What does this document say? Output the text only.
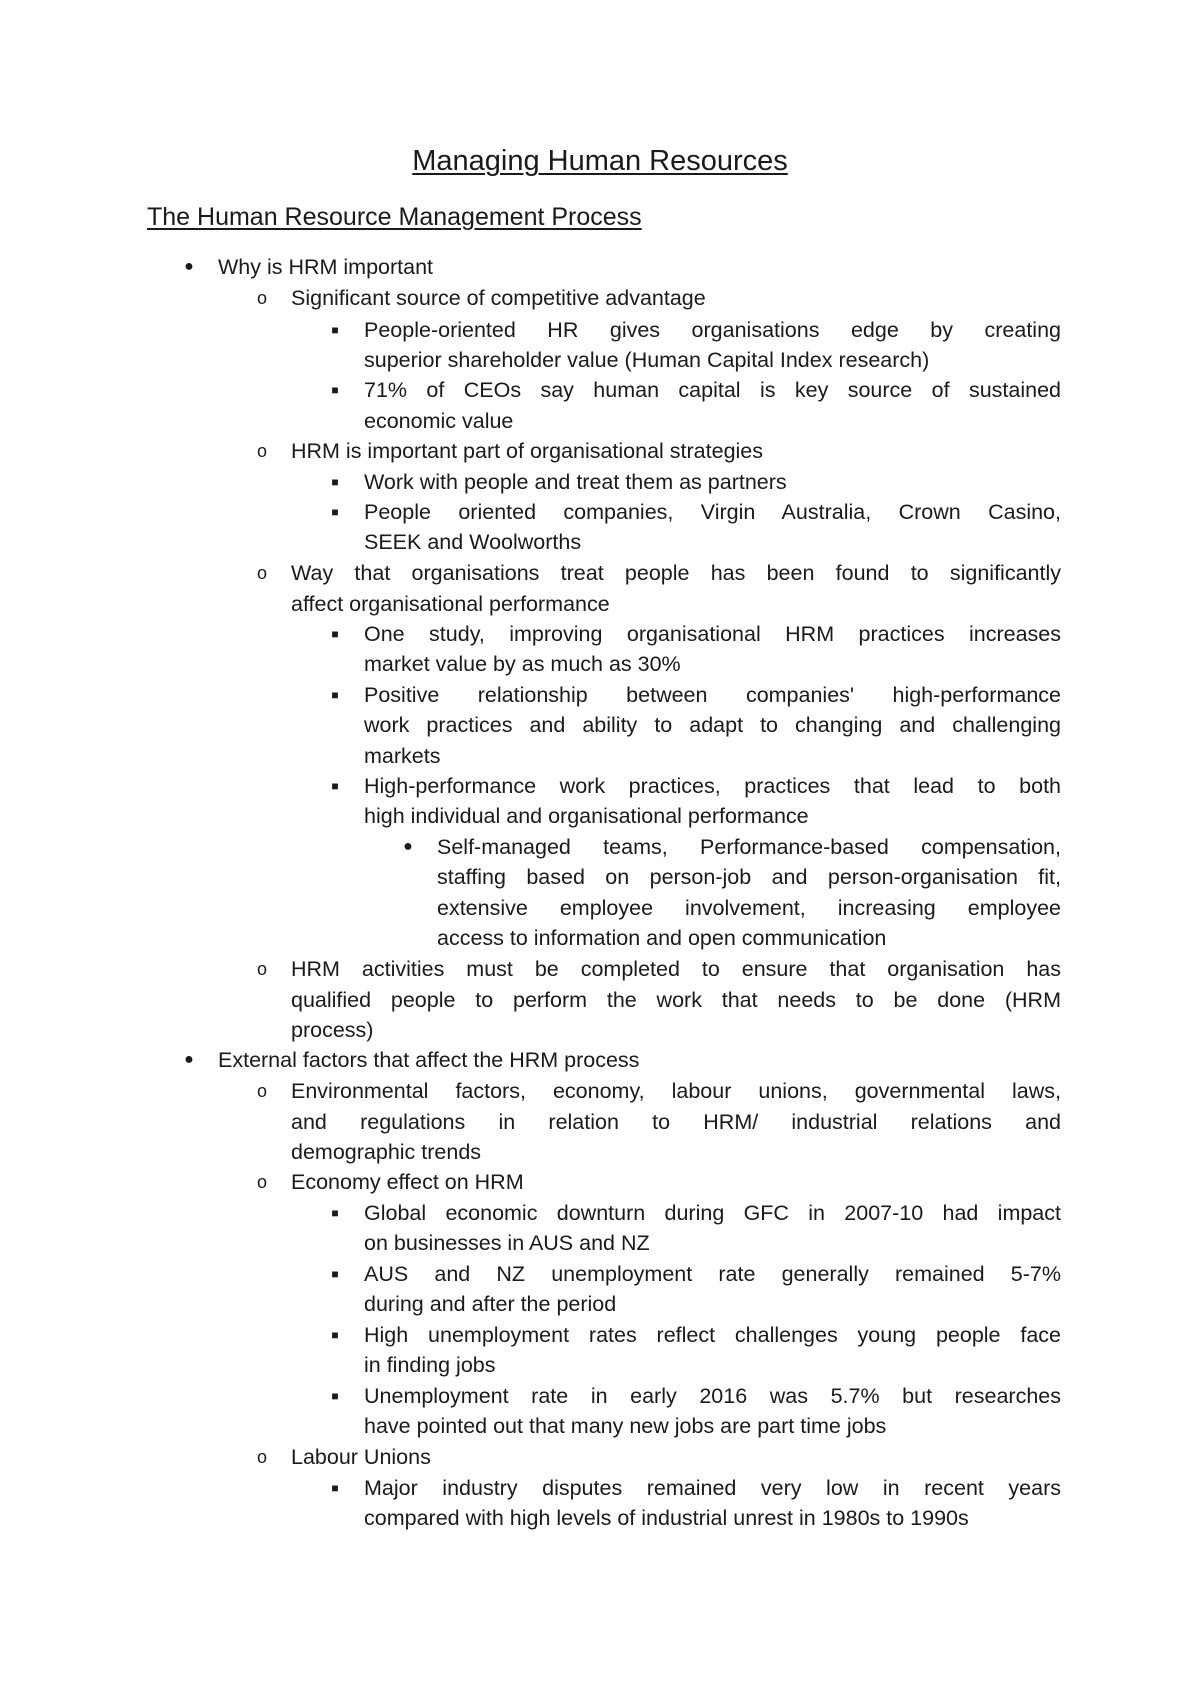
Managing Human Resources
The Human Resource Management Process
●
o
■
■
o
■
■
o
■
■
■
●
o
●
o
o
■
■
■
■
o
■
Why is HRM important
Significant source of competitive advantage
People-oriented HR gives organisations edge by creating
superior shareholder value (Human Capital Index research)
71% of CEOs say human capital is key source of sustained
economic value
HRM is important part of organisational strategies
Work with people and treat them as partners
People oriented companies, Virgin Australia, Crown Casino,
SEEK and Woolworths
Way that organisations treat people has been found to significantly
affect organisational performance
One study, improving organisational HRM practices increases
market value by as much as 30%
Positive relationship between companies' high-performance
work practices and ability to adapt to changing and challenging
markets
High-performance work practices, practices that lead to both
high individual and organisational performance
Self-managed teams, Performance-based compensation,
staffing based on person-job and person-organisation fit,
extensive employee involvement, increasing employee
access to information and open communication
HRM activities must be completed to ensure that organisation has
qualified people to perform the work that needs to be done (HRM
process)
External factors that affect the HRM process
Environmental factors, economy, labour unions, governmental laws,
and regulations in relation to HRM/ industrial relations and
demographic trends
Economy effect on HRM
Global economic downturn during GFC in 2007-10 had impact
on businesses in AUS and NZ
AUS and NZ unemployment rate generally remained 5-7%
during and after the period
High unemployment rates reflect challenges young people face
in finding jobs
Unemployment rate in early 2016 was 5.7% but researches
have pointed out that many new jobs are part time jobs
Labour Unions
Major industry disputes remained very low in recent years
compared with high levels of industrial unrest in 1980s to 1990s
